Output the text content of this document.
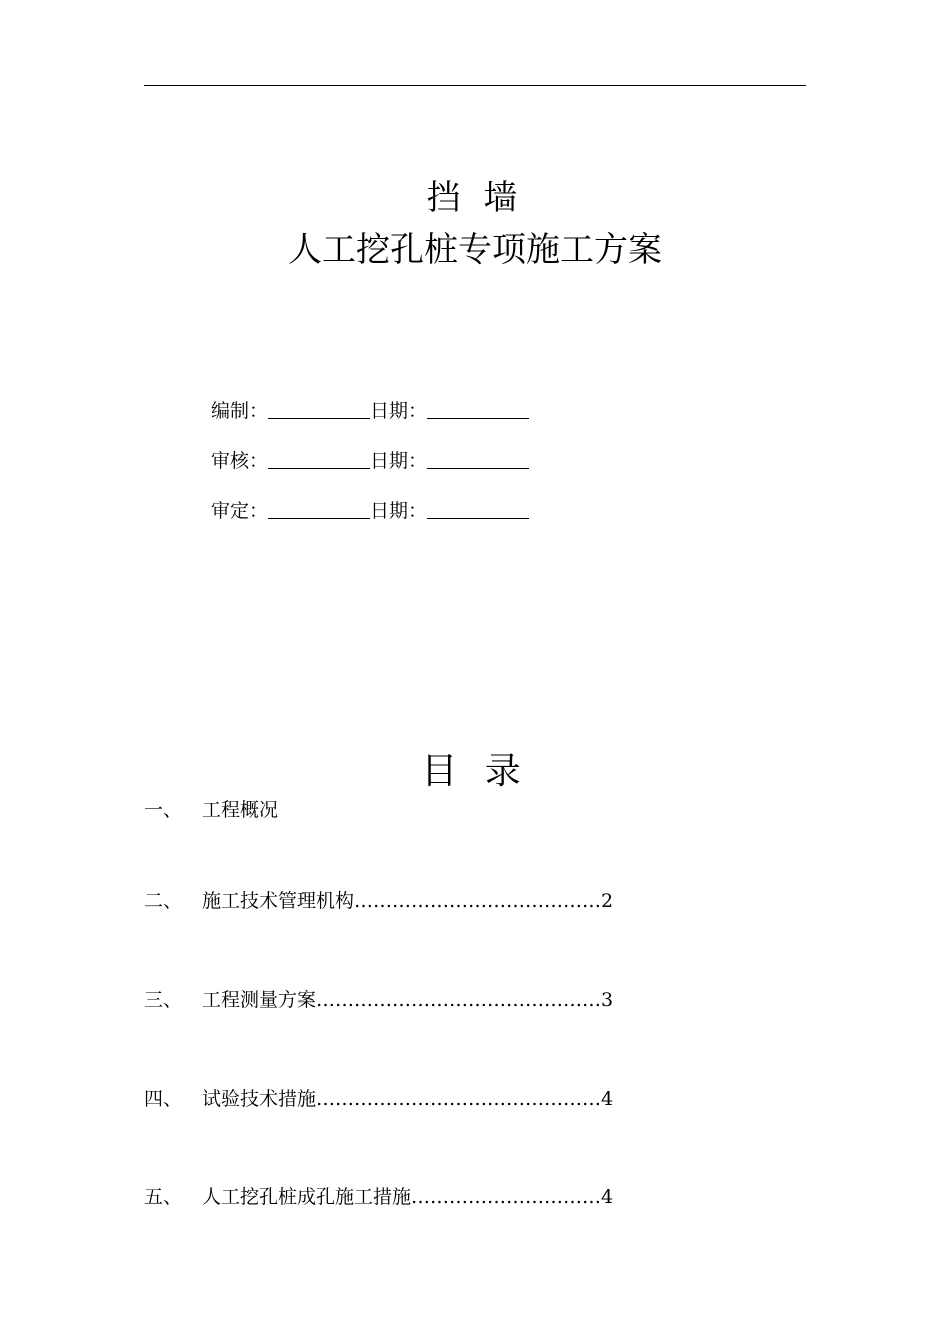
挡 墙
人工挖孔桩专项施工方案
编制：	日期：
审核：	日期：
审定：	日期：
目 录
一、 工程概况
二、 施工技术管理机构…………………………………2
三、 工程测量方案………………………………………3
四、 试验技术措施………………………………………4
五、 人工挖孔桩成孔施工措施…………………………4
